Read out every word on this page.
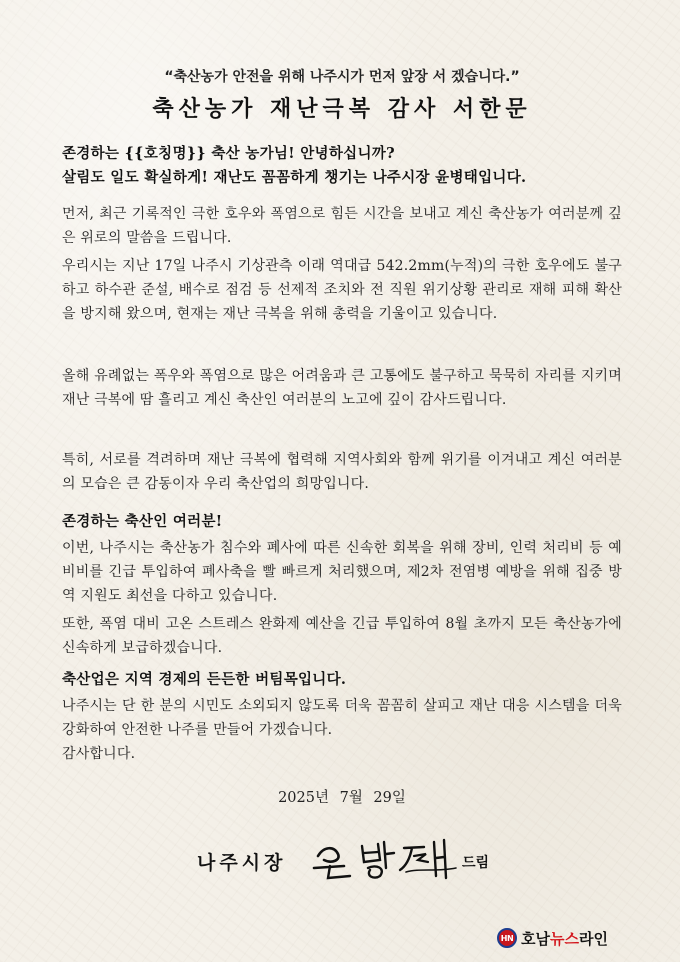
“축산농가 안전을 위해 나주시가 먼저 앞장 서 겠습니다.”
축산농가 재난극복 감사 서한문
존경하는 {{호칭명}} 축산 농가님! 안녕하십니까?
살림도 일도 확실하게! 재난도 꼼꼼하게 챙기는 나주시장 윤병태입니다.
먼저, 최근 기록적인 극한 호우와 폭염으로 힘든 시간을 보내고 계신 축산농가 여러분께 깊은 위로의 말씀을 드립니다.
우리시는 지난 17일 나주시 기상관측 이래 역대급 542.2mm(누적)의 극한 호우에도 불구하고 하수관 준설, 배수로 점검 등 선제적 조치와 전 직원 위기상황 관리로 재해 피해 확산을 방지해 왔으며, 현재는 재난 극복을 위해 총력을 기울이고 있습니다.
올해 유례없는 폭우와 폭염으로 많은 어려움과 큰 고통에도 불구하고 묵묵히 자리를 지키며 재난 극복에 땀 흘리고 계신 축산인 여러분의 노고에 깊이 감사드립니다.
특히, 서로를 격려하며 재난 극복에 협력해 지역사회와 함께 위기를 이겨내고 계신 여러분의 모습은 큰 감동이자 우리 축산업의 희망입니다.
존경하는 축산인 여러분!
이번, 나주시는 축산농가 침수와 폐사에 따른 신속한 회복을 위해 장비, 인력 처리비 등 예비비를 긴급 투입하여 폐사축을 빨 빠르게 처리했으며, 제2차 전염병 예방을 위해 집중 방역 지원도 최선을 다하고 있습니다.
또한, 폭염 대비 고온 스트레스 완화제 예산을 긴급 투입하여 8월 초까지 모든 축산농가에 신속하게 보급하겠습니다.
축산업은 지역 경제의 든든한 버팀목입니다.
나주시는 단 한 분의 시민도 소외되지 않도록 더욱 꼼꼼히 살피고 재난 대응 시스템을 더욱 강화하여 안전한 나주를 만들어 가겠습니다.
감사합니다.
2025년 7월 29일
나주시장	드림
HN 호남뉴스라인
